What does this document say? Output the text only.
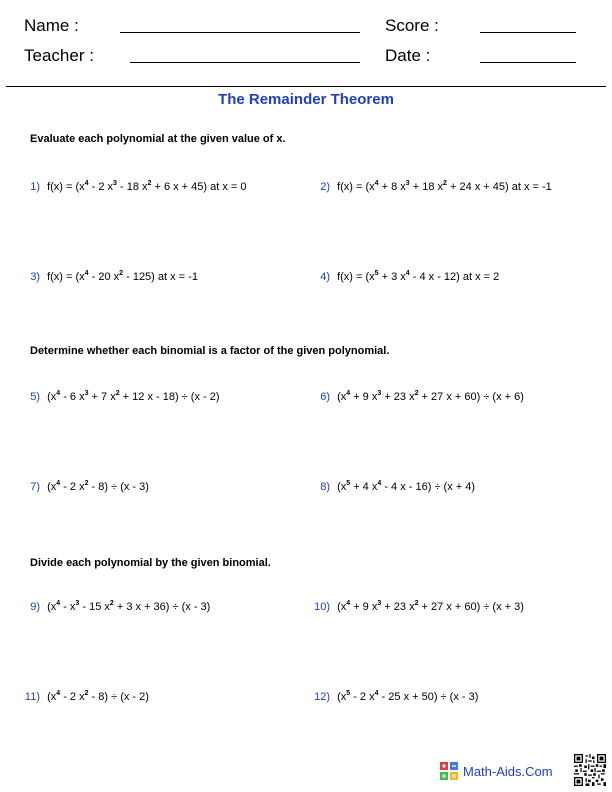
Name :	Score :
Teacher :	Date :
The Remainder Theorem
Evaluate each polynomial at the given value of x.
Determine whether each binomial is a factor of the given polynomial.
Divide each polynomial by the given binomial.
1) $f(x) = (x^4 - 2$ $x^3 - 18$ $x^2 + 6$ x + 45) at x = 0	2) $f(x) = (x^4 + 8$ $x^3 + 18$ $x^2 + 24$ x + 45) at x = -1
3) $f(x) = (x^4 - 20$ $x^2 - 125$) at x = -1	4) $f(x) = (x^5 + 3$ $x^4 - 4$ x - 12) at x = 2
5) ($x^4 - 6$ $x^3 + 7$ $x^2 + 12$ x - 18) ÷ (x - 2)	6) ($x^4 + 9$ $x^3 + 23$ $x^2 + 27$ x + 60) ÷ (x + 6)
7) ($x^4 - 2$ $x^2 - 8) \div (x - 3)$	8) ($x^5 + 4$ $x^4 - 4$ x - 16) ÷ (x + 4)
9) ($x^4 - x^3 - 15$ $x^2 + 3$ x + 36) ÷ (x - 3)	10) ($x^4 + 9$ $x^3 + 23$ $x^2 + 27$ x + 60) ÷ (x + 3)
11) ($x^4 - 2$ $x^2 - 8) \div (x - 2)$	12) ($x^5 - 2$ $x^4 - 25$ x + 50) ÷ (x - 3)
Math-Aids.Com
